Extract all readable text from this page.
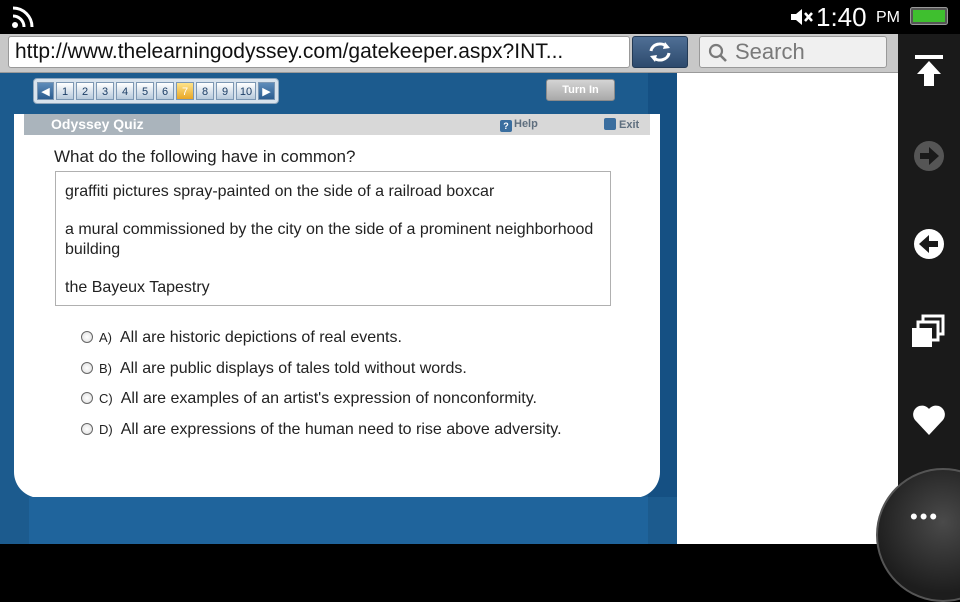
1:40 PM
http://www.thelearningodyssey.com/gatekeeper.aspx?INT...	Search
◀	1	2	3	4	5	6	7	8	9	10 ▶	Turn In
Odyssey Quiz	? Help	Exit
What do the following have in common?

graffiti pictures spray-painted on the side of a railroad boxcar

a mural commissioned by the city on the side of a prominent neighborhood building

the Bayeux Tapestry

A) All are historic depictions of real events.
B) All are public displays of tales told without words.
C) All are examples of an artist's expression of nonconformity.
D) All are expressions of the human need to rise above adversity.
•••
